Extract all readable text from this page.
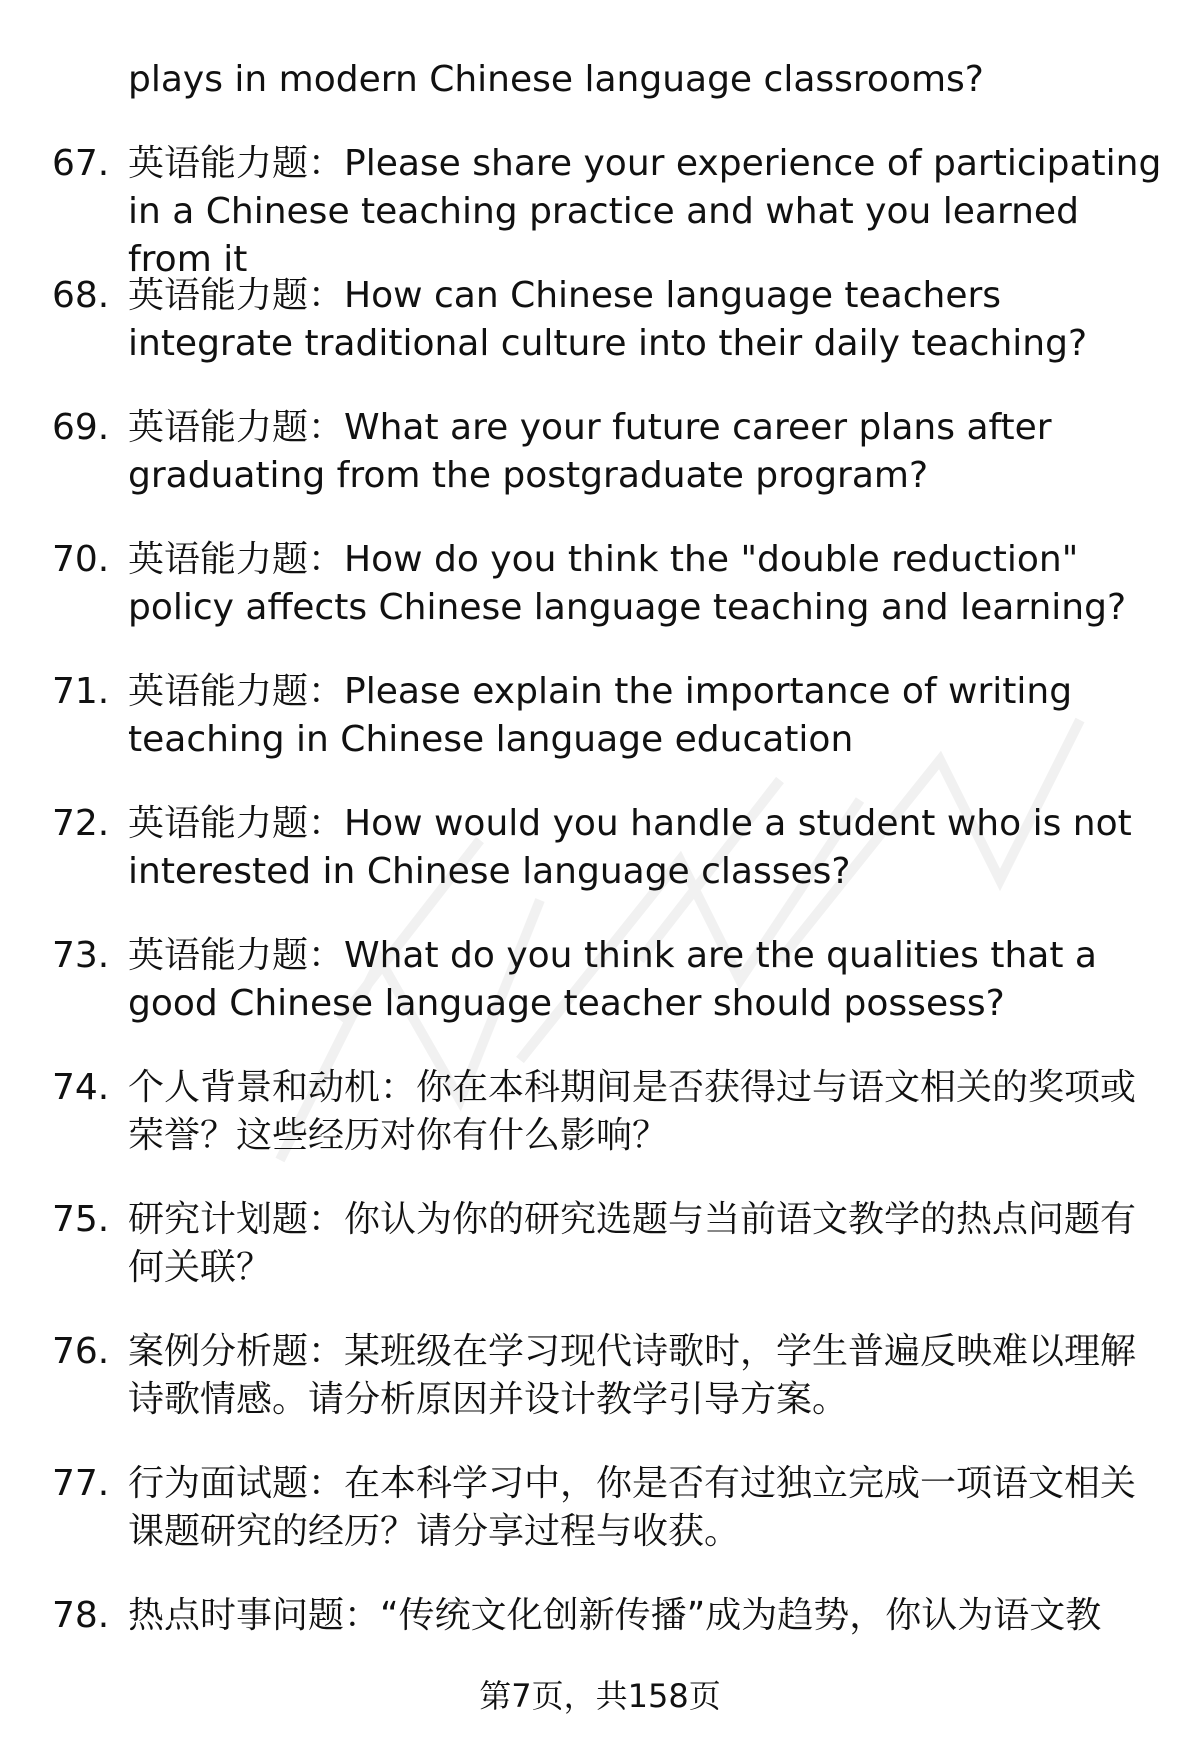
plays in modern Chinese language classrooms?
67. 英语能力题：Please share your experience of participating in a Chinese teaching practice and what you learned from it
68. 英语能力题：How can Chinese language teachers integrate traditional culture into their daily teaching?
69. 英语能力题：What are your future career plans after graduating from the postgraduate program?
70. 英语能力题：How do you think the "double reduction" policy affects Chinese language teaching and learning?
71. 英语能力题：Please explain the importance of writing teaching in Chinese language education
72. 英语能力题：How would you handle a student who is not interested in Chinese language classes?
73. 英语能力题：What do you think are the qualities that a good Chinese language teacher should possess?
74. 个人背景和动机：你在本科期间是否获得过与语文相关的奖项或荣誉？这些经历对你有什么影响？
75. 研究计划题：你认为你的研究选题与当前语文教学的热点问题有何关联？
76. 案例分析题：某班级在学习现代诗歌时，学生普遍反映难以理解诗歌情感。请分析原因并设计教学引导方案。
77. 行为面试题：在本科学习中，你是否有过独立完成一项语文相关课题研究的经历？请分享过程与收获。
78. 热点时事问题：“传统文化创新传播”成为趋势，你认为语文教
第7页，共158页
